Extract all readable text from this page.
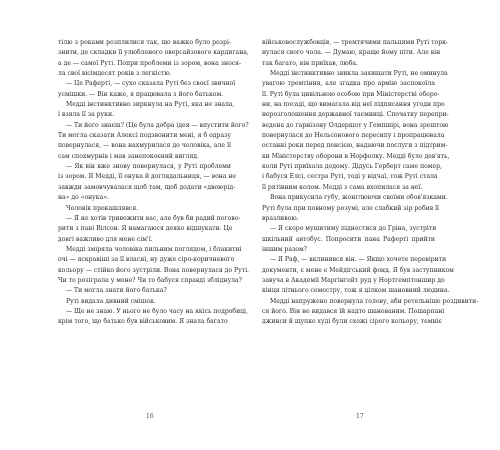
тілю з роками розплилися так, що важко було розрі-
знити, де складки її улюбленого оверсайзового кардигана,
а де — самої Руті. Попри проблеми із зором, вона знося-
ла свої вісімдесят років з легкістю.
— Це Раферті, — сухо сказала Руті без своєї звичної
усмішки. — Він каже, я працювала з його батьком.
Медді інстинктивно зиркнула на Руті, яка не знала,
і взяла її за руки.
— Ти його знаєш? (Це була добра ідея — впустити його?
Ти могла сказати Алексі подзвонити мені, я б одразу
повернулася, — вона нахмурилася до чоловіка, але її
сам спохмурнів і мав занепокоєний вигляд.
— Як він вже знову повернулася, у Руті проблеми
із зором. Я Медді, її онука й доглядальниця, — вона не
завжди замовчувалася щоб там, щоб додати «двоюрід-
на» до «онука».
Чоловік прокашлявся.
— Я не хотів тривожити вас, але був би радий погово-
рити з пані Вілсон. Я намагаюся деяко відшукати. Це
довгі важливо для мене сім'ї.
Медді зміряла чоловіка пильним поглядом, і блакитні
очі — яскравіші за її власні, ну дуже сіро-коричневого
кольору — стійко його зустріли. Вона повернулася до Руті.
Чи то розіграла у мене? Чи то бабуся справді збліднула?
— Ти могла знати його батька?
Руті видала дивний смішок.
— Ще не знаю. У нього не було часу на якісь подробиці,
крім того, що батько був військовим. Я знала багато
16
військовослужбовців, — тремтячими пальцями Руті торк-
нулася свого чола. — Думаю, краще йому піти. Але він
так багато, він приїхав, люба.
Медді інстинктивно звикла захищати Руті, не оминула
увагою тремтіння, але згадка про армію заспокоїла
її. Руті була цивільною особою при Міністерстві оборо-
ни, на посаді, що вимагала від неї підписання угоди про
нерозголошення державної таємниці. Спочатку перепри-
ведена до гарнізону Олдершот у Гемпшірі, вона зрештою
повернулася до Нельсонового пересипу і пропрацювала
останні роки перед пенсією, надаючи послуги з підтрим-
ки Міністерству оборони в Норфолку. Медді було дев'ять,
коли Руті приїхала додому. Дідусь Герберт саме помер,
і бабуся Елсі, сестра Руті, тоді у відчаї, тож Руті стала
її рятівним колом. Медді з сама вхопилася за неї.
Вона прикусила губу, жонглюючи своїми обов'язками.
Руті була при повному розумі, але слабкий зір робив її
вразливою.
— Я скоро мушитиму піднестися до Гріна, зустріти
шкільний автобус. Попросити пана Раферті прийти
іншим разом?
— Я Раф, — вклинився він. — Якщо хочете перевірити
документи, є мене є Мейдігський фонд. Я був заступником
завуча в Академії Маргінгейт руд у Нортгемптоншир до
кінця літнього семестру, тож я цілком шановний людина.
Медді напружено повернула голову, аби ретельніше роздивити-
ся його. Він не видався їй надто шанованим. Пошарпані
джинси й щупке худі були схожі сірого кольору, темніє
17
